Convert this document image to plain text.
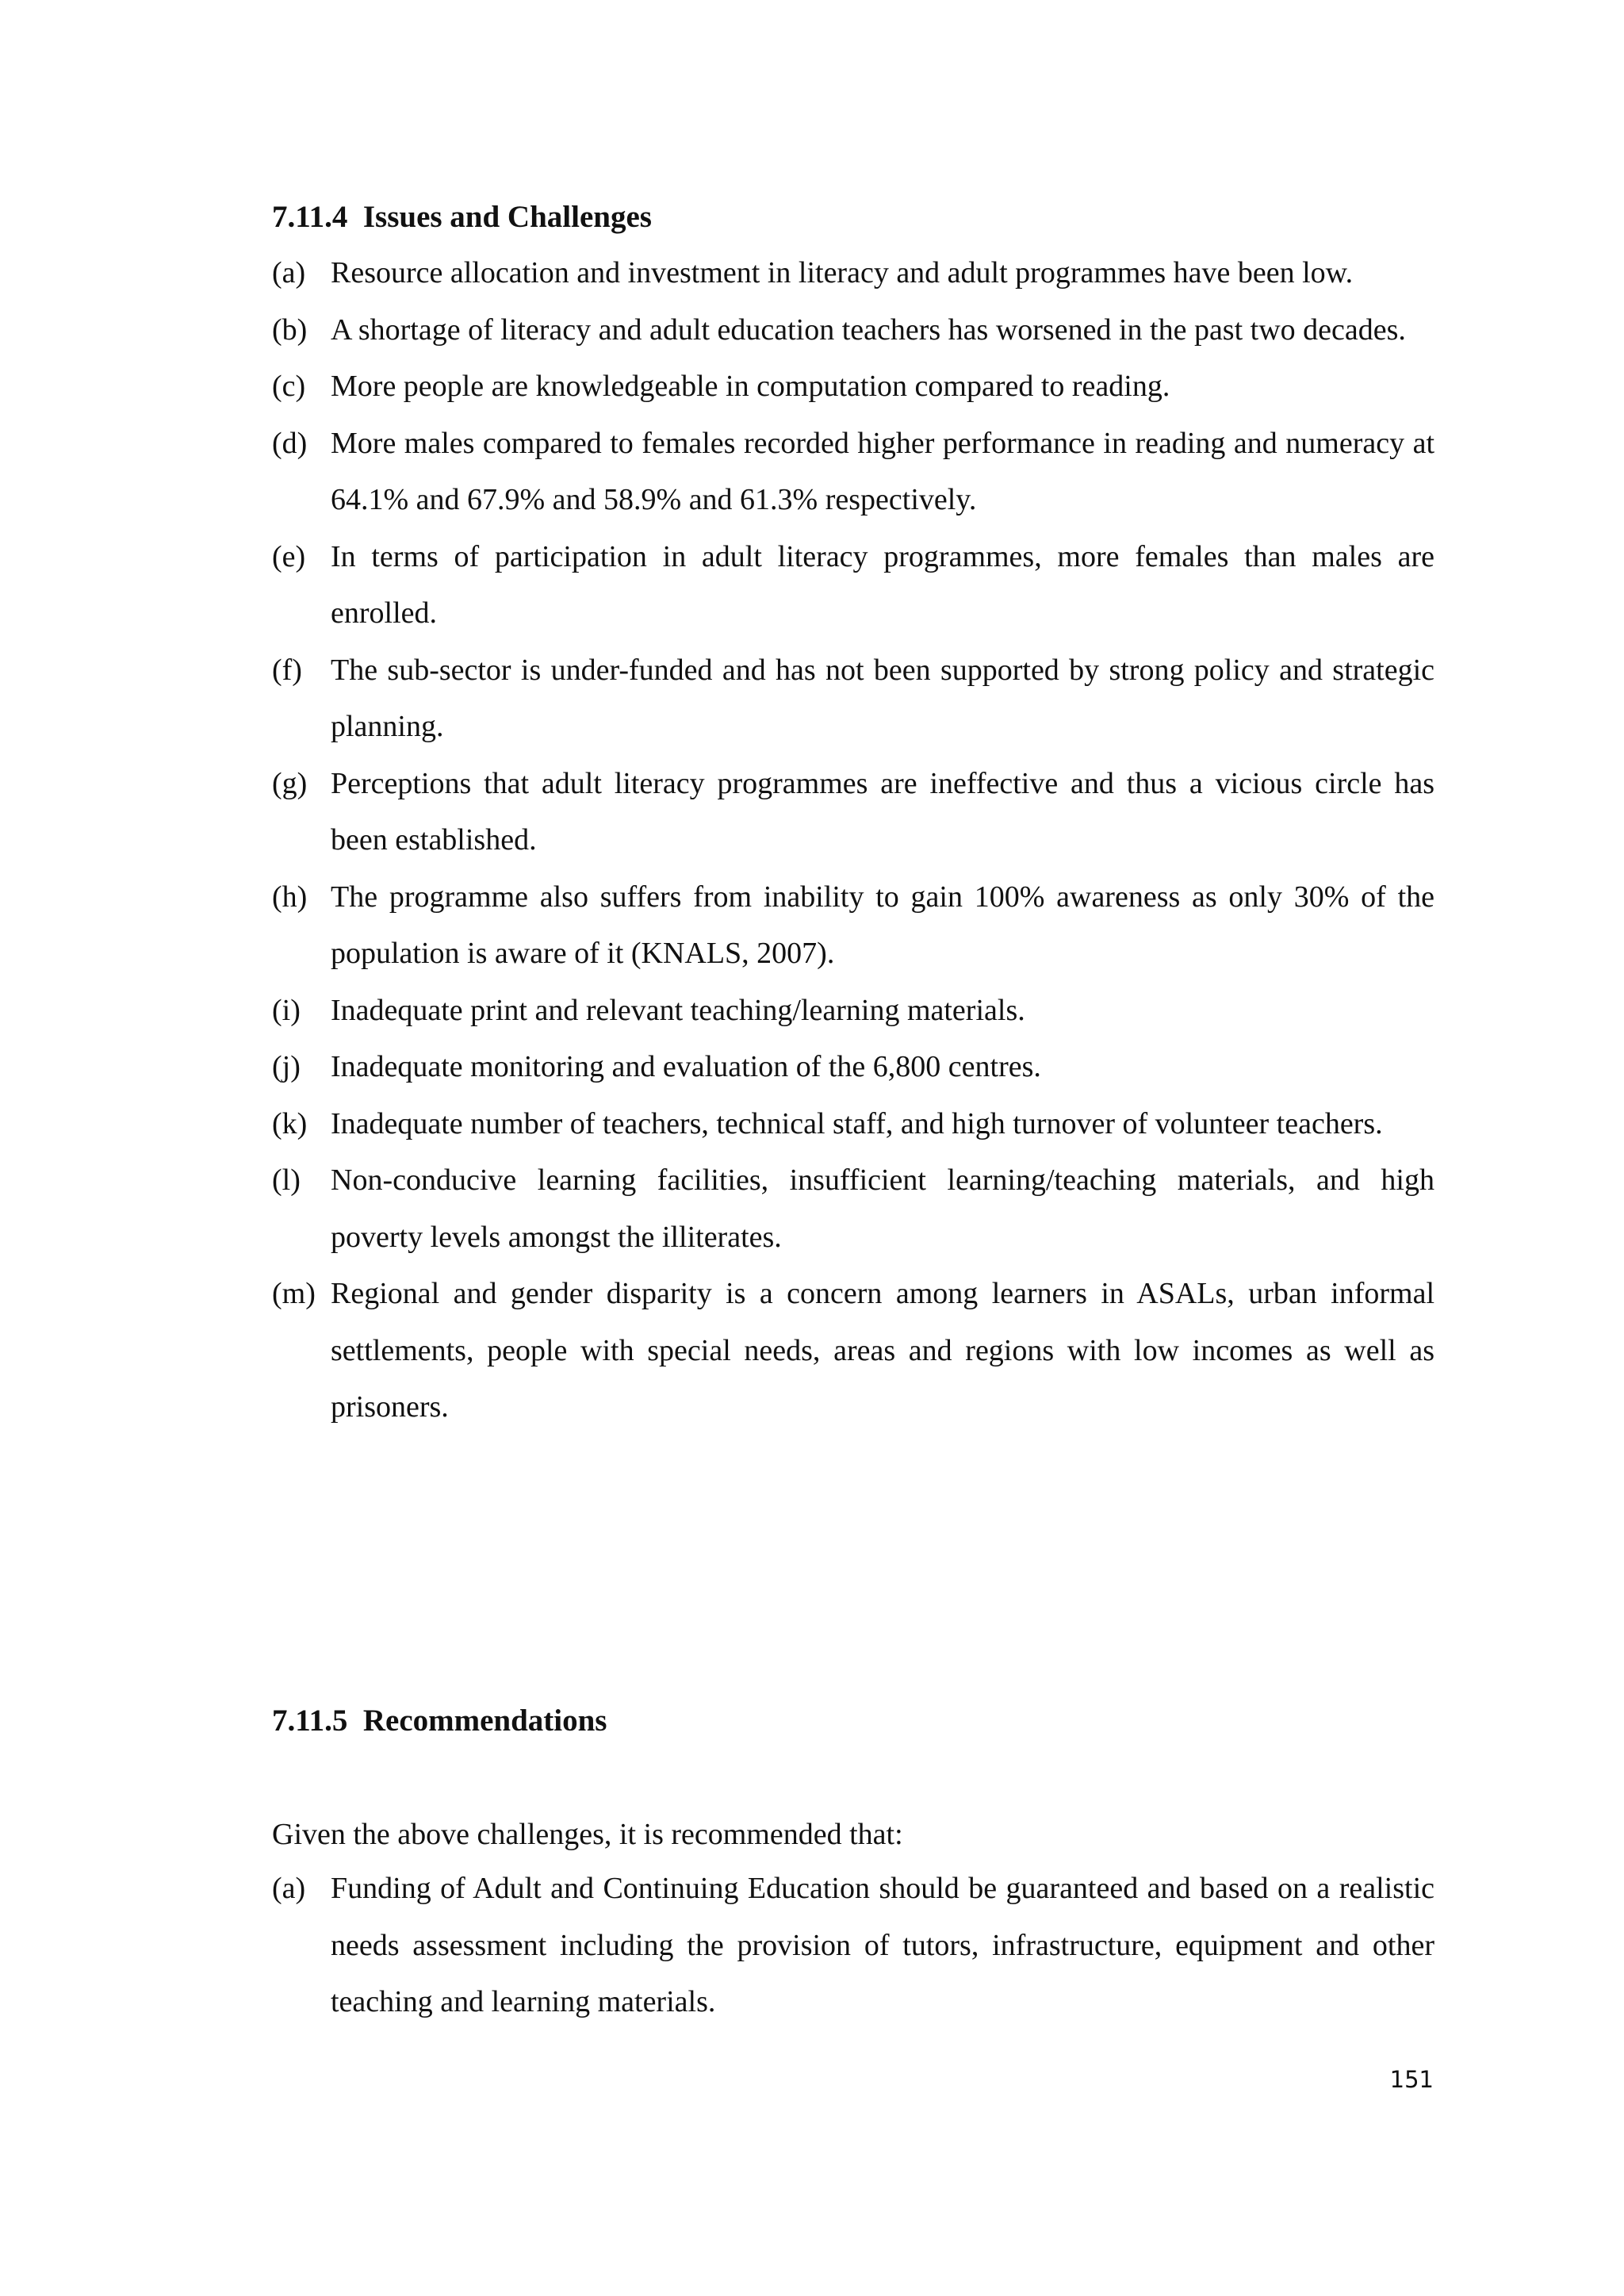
7.11.4  Issues and Challenges
(a) Resource allocation and investment in literacy and adult programmes have been low.
(b) A shortage of literacy and adult education teachers has worsened in the past two decades.
(c) More people are knowledgeable in computation compared to reading.
(d) More males compared to females recorded higher performance in reading and numeracy at 64.1% and 67.9% and 58.9% and 61.3% respectively.
(e) In terms of participation in adult literacy programmes, more females than males are enrolled.
(f) The sub-sector is under-funded and has not been supported by strong policy and strategic planning.
(g) Perceptions that adult literacy programmes are ineffective and thus a vicious circle has been established.
(h) The programme also suffers from inability to gain 100% awareness as only 30% of the population is aware of it (KNALS, 2007).
(i)	Inadequate print and relevant teaching/learning materials.
(j)	Inadequate monitoring and evaluation of the 6,800 centres.
(k) Inadequate number of teachers, technical staff, and high turnover of volunteer teachers.
(l)	Non-conducive learning facilities, insufficient learning/teaching materials, and high poverty levels amongst the illiterates.
(m) Regional and gender disparity is a concern among learners in ASALs, urban informal settlements, people with special needs, areas and regions with low incomes as well as prisoners.
7.11.5  Recommendations

Given the above challenges, it is recommended that:

(a) Funding of Adult and Continuing Education should be guaranteed and based on a realistic needs assessment including the provision of tutors, infrastructure, equipment and other teaching and learning materials.
151
